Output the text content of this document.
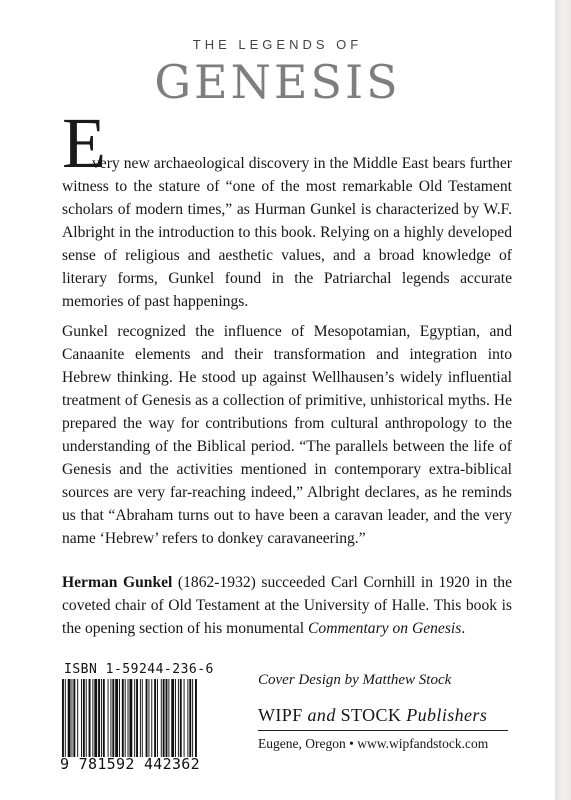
THE LEGENDS OF
GENESIS
E

very new archaeological discovery in the Middle East bears further witness to the stature of “one of the most remarkable Old Testament scholars of modern times,” as Hurman Gunkel is characterized by W.F. Albright in the introduction to this book. Relying on a highly developed sense of religious and aesthetic values, and a broad knowledge of literary forms, Gunkel found in the Patriarchal legends accurate memories of past happenings.

Gunkel recognized the influence of Mesopotamian, Egyptian, and Canaanite elements and their transformation and integration into Hebrew thinking. He stood up against Wellhausen’s widely influential treatment of Genesis as a collection of primitive, unhistorical myths. He prepared the way for contributions from cultural anthropology to the understanding of the Biblical period. “The parallels between the life of Genesis and the activities mentioned in contemporary extra-biblical sources are very far-reaching indeed,” Albright declares, as he reminds us that “Abraham turns out to have been a caravan leader, and the very name ‘Hebrew’ refers to donkey caravaneering.”

Herman Gunkel (1862-1932) succeeded Carl Cornhill in 1920 in the coveted chair of Old Testament at the University of Halle. This book is the opening section of his monumental Commentary on Genesis.

ISBN 1-59244-236-6
9 781592 442362

Cover Design by Matthew Stock

WIPF and STOCK Publishers

Eugene, Oregon • www.wipfandstock.com
